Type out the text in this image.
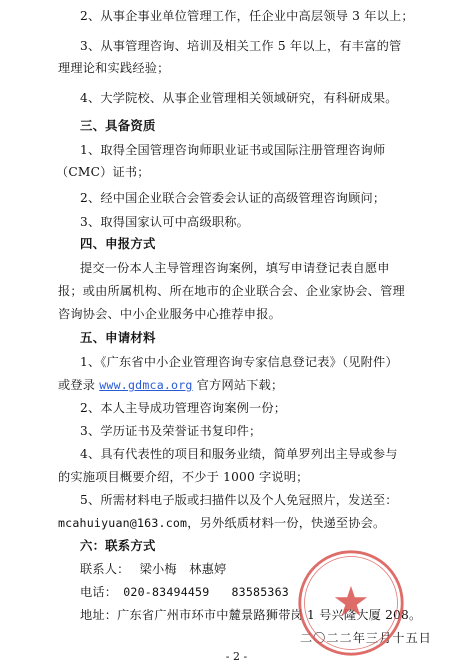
2、从事企事业单位管理工作，任企业中高层领导 3 年以上；
3、从事管理咨询、培训及相关工作 5 年以上，有丰富的管
理理论和实践经验；
4、大学院校、从事企业管理相关领域研究，有科研成果。
三、具备资质
1、取得全国管理咨询师职业证书或国际注册管理咨询师
（CMC）证书；
2、经中国企业联合会管委会认证的高级管理咨询顾问；
3、取得国家认可中高级职称。
四、申报方式
提交一份本人主导管理咨询案例，填写申请登记表自愿申
报；或由所属机构、所在地市的企业联合会、企业家协会、管理
咨询协会、中小企业服务中心推荐申报。
五、申请材料
1、《广东省中小企业管理咨询专家信息登记表》（见附件）
或登录 www.gdmca.org 官方网站下载；
2、本人主导成功管理咨询案例一份；
3、学历证书及荣誉证书复印件；
4、具有代表性的项目和服务业绩，简单罗列出主导或参与
的实施项目概要介绍，不少于 1000 字说明；
5、所需材料电子版或扫描件以及个人免冠照片，发送至：
mcahuiyuan@163.com，另外纸质材料一份，快递至协会。
六：联系方式
联系人： 梁小梅　林惠婷
电话： 020-83494459 83585363
地址：广东省广州市环市中麓景路狮带岗 1 号兴隆大厦 208。
二〇二二年三月十五日
- 2 -
